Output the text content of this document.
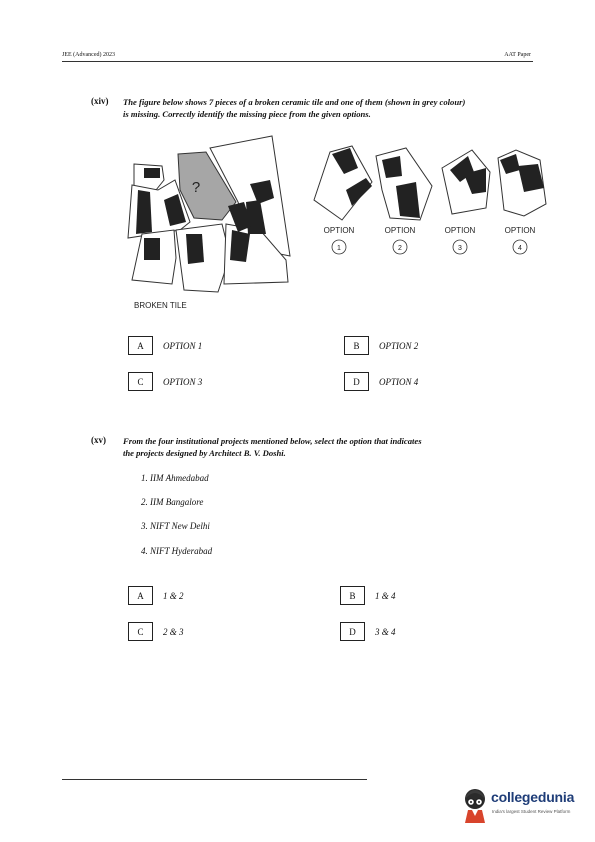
JEE (Advanced) 2023	AAT Paper
(xiv) The figure below shows 7 pieces of a broken ceramic tile and one of them (shown in grey colour)
is missing. Correctly identify the missing piece from the given options.
?
BROKEN TILE
OPTION
1
OPTION
2
OPTION
3
OPTION
4
A	OPTION 1	B	OPTION 2
C	OPTION 3	D	OPTION 4
(xv) From the four institutional projects mentioned below, select the option that indicates
the projects designed by Architect B. V. Doshi.
1. IIM Ahmedabad
2. IIM Bangalore
3. NIFT New Delhi
4. NIFT Hyderabad
A	1 & 2	B	1 & 4
C	2 & 3	D	3 & 4
collegedunia
India's largest Student Review Platform
